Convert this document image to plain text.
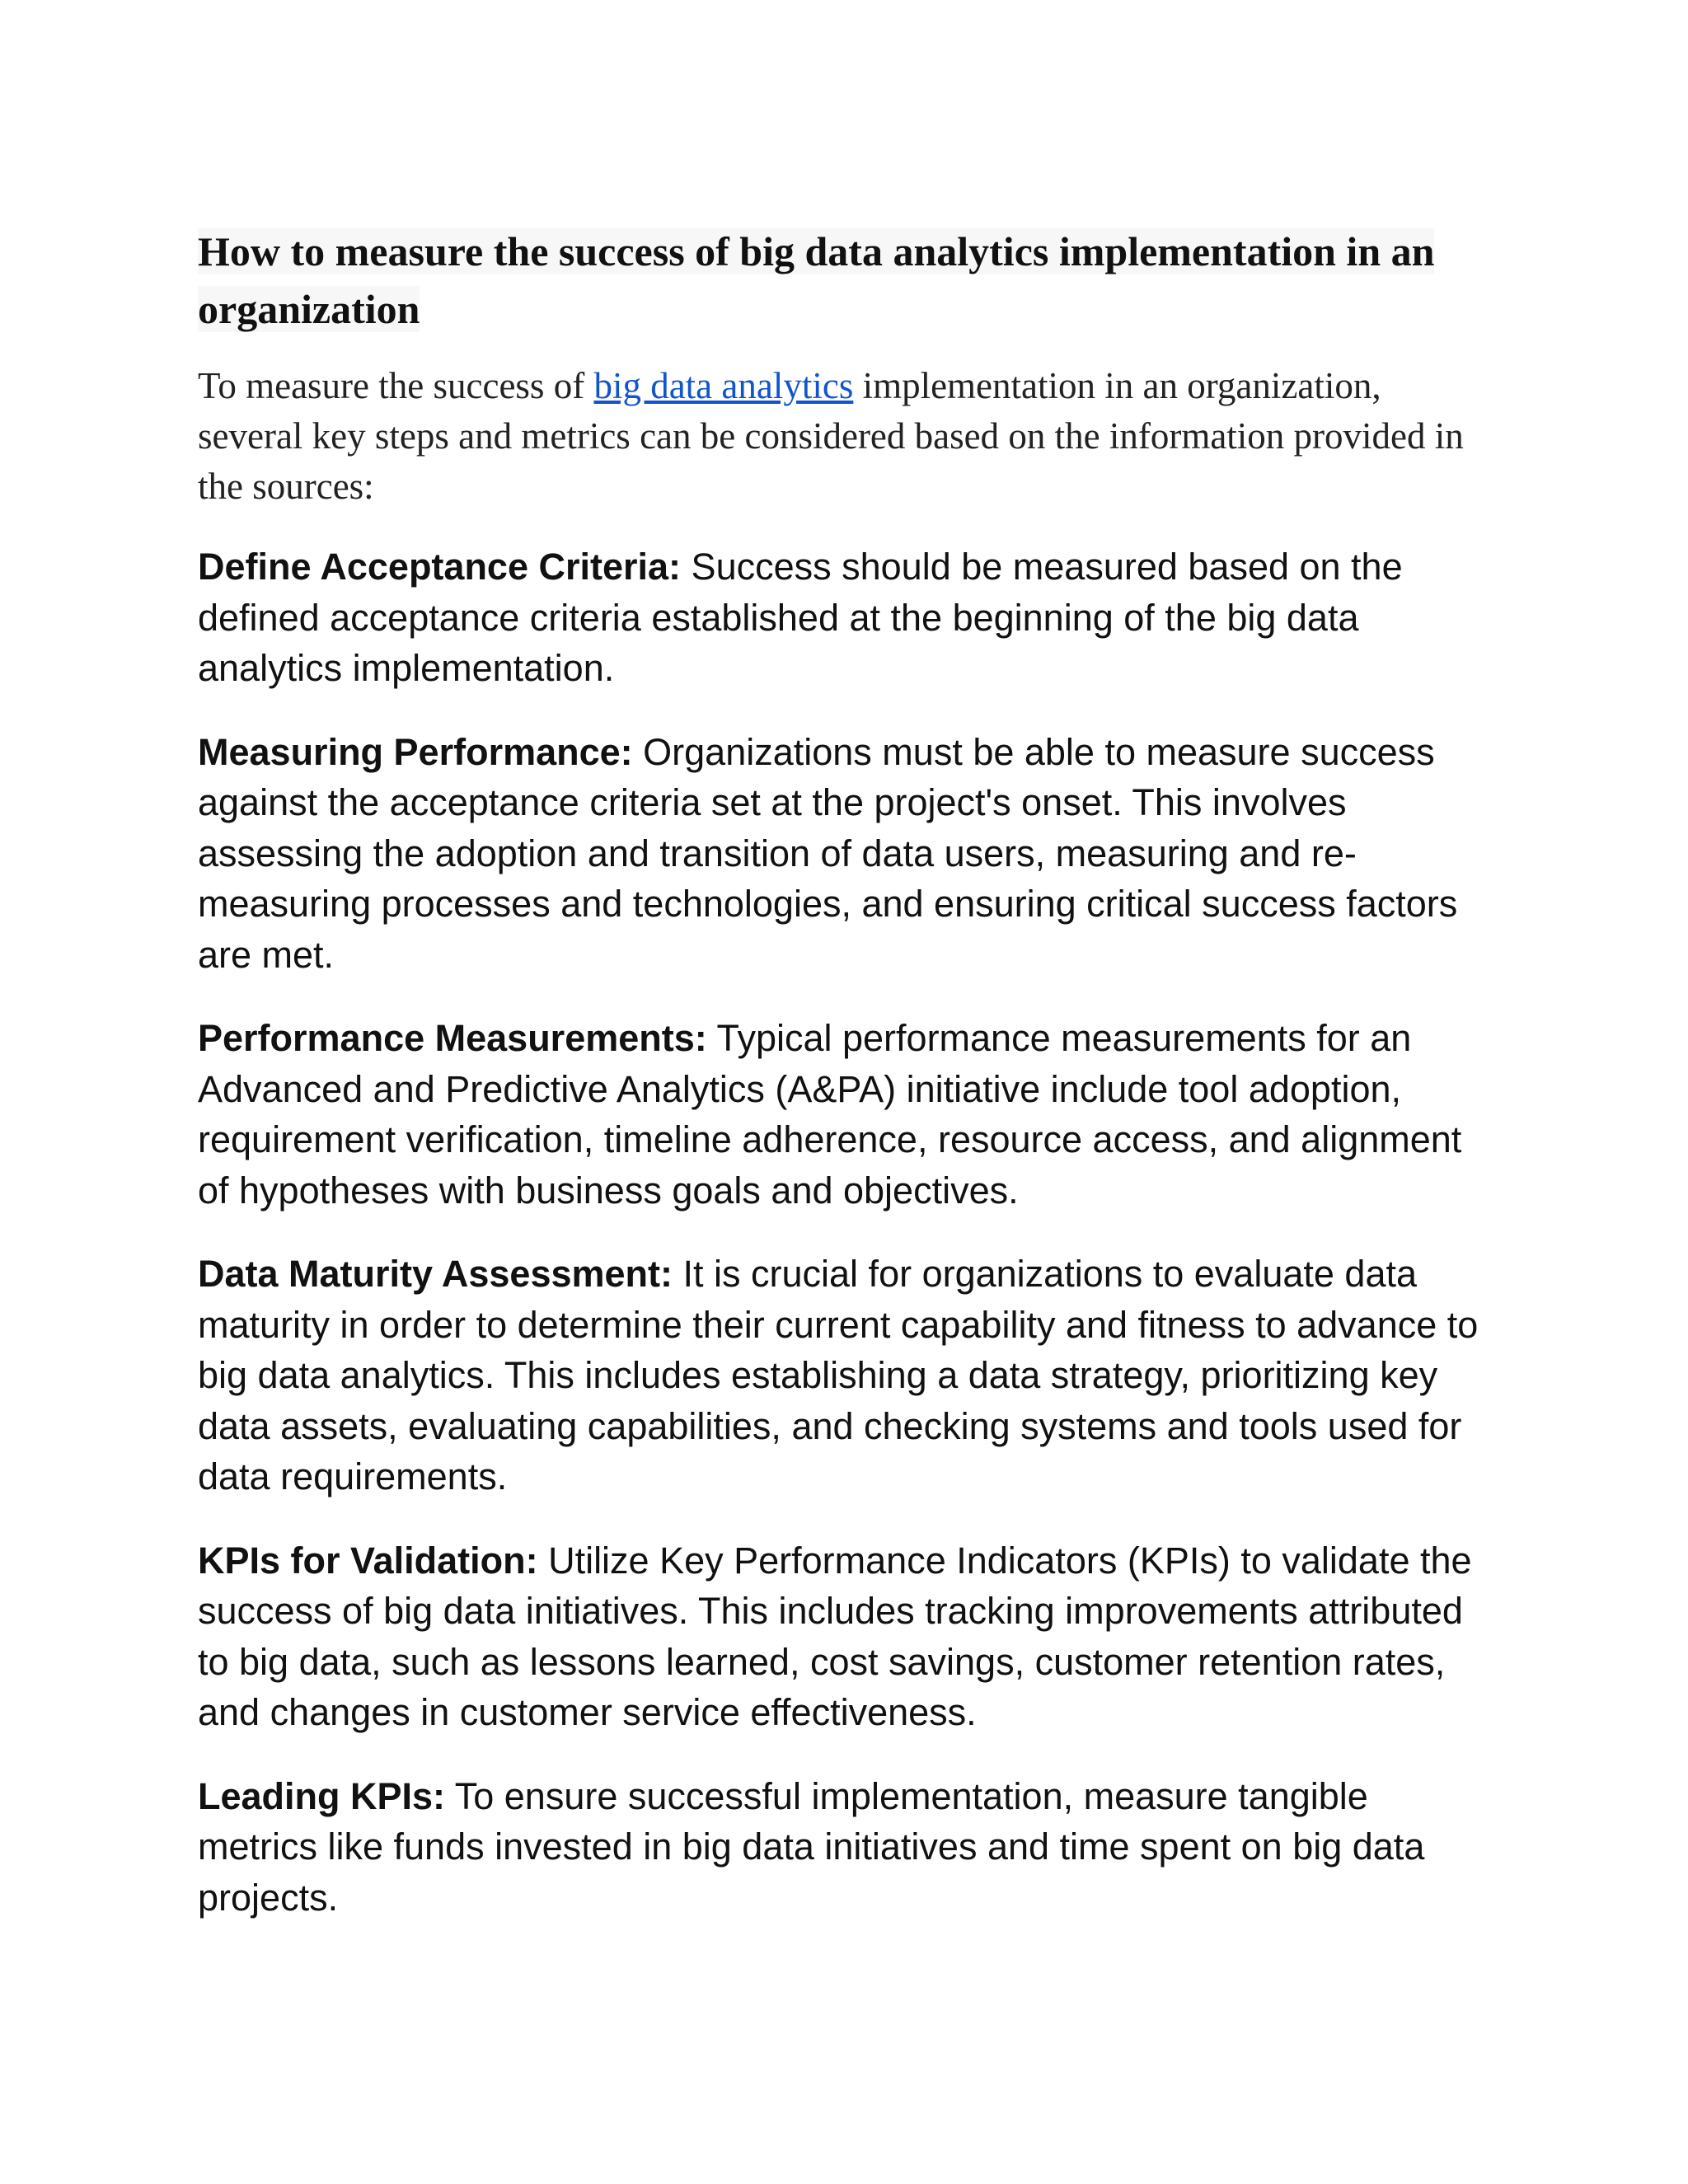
How to measure the success of big data analytics implementation in an organization

To measure the success of big data analytics implementation in an organization, several key steps and metrics can be considered based on the information provided in the sources:

Define Acceptance Criteria: Success should be measured based on the defined acceptance criteria established at the beginning of the big data analytics implementation.

Measuring Performance: Organizations must be able to measure success against the acceptance criteria set at the project's onset. This involves assessing the adoption and transition of data users, measuring and re-measuring processes and technologies, and ensuring critical success factors are met.

Performance Measurements: Typical performance measurements for an Advanced and Predictive Analytics (A&PA) initiative include tool adoption, requirement verification, timeline adherence, resource access, and alignment of hypotheses with business goals and objectives.

Data Maturity Assessment: It is crucial for organizations to evaluate data maturity in order to determine their current capability and fitness to advance to big data analytics. This includes establishing a data strategy, prioritizing key data assets, evaluating capabilities, and checking systems and tools used for data requirements.

KPIs for Validation: Utilize Key Performance Indicators (KPIs) to validate the success of big data initiatives. This includes tracking improvements attributed to big data, such as lessons learned, cost savings, customer retention rates, and changes in customer service effectiveness.

Leading KPIs: To ensure successful implementation, measure tangible metrics like funds invested in big data initiatives and time spent on big data projects.
